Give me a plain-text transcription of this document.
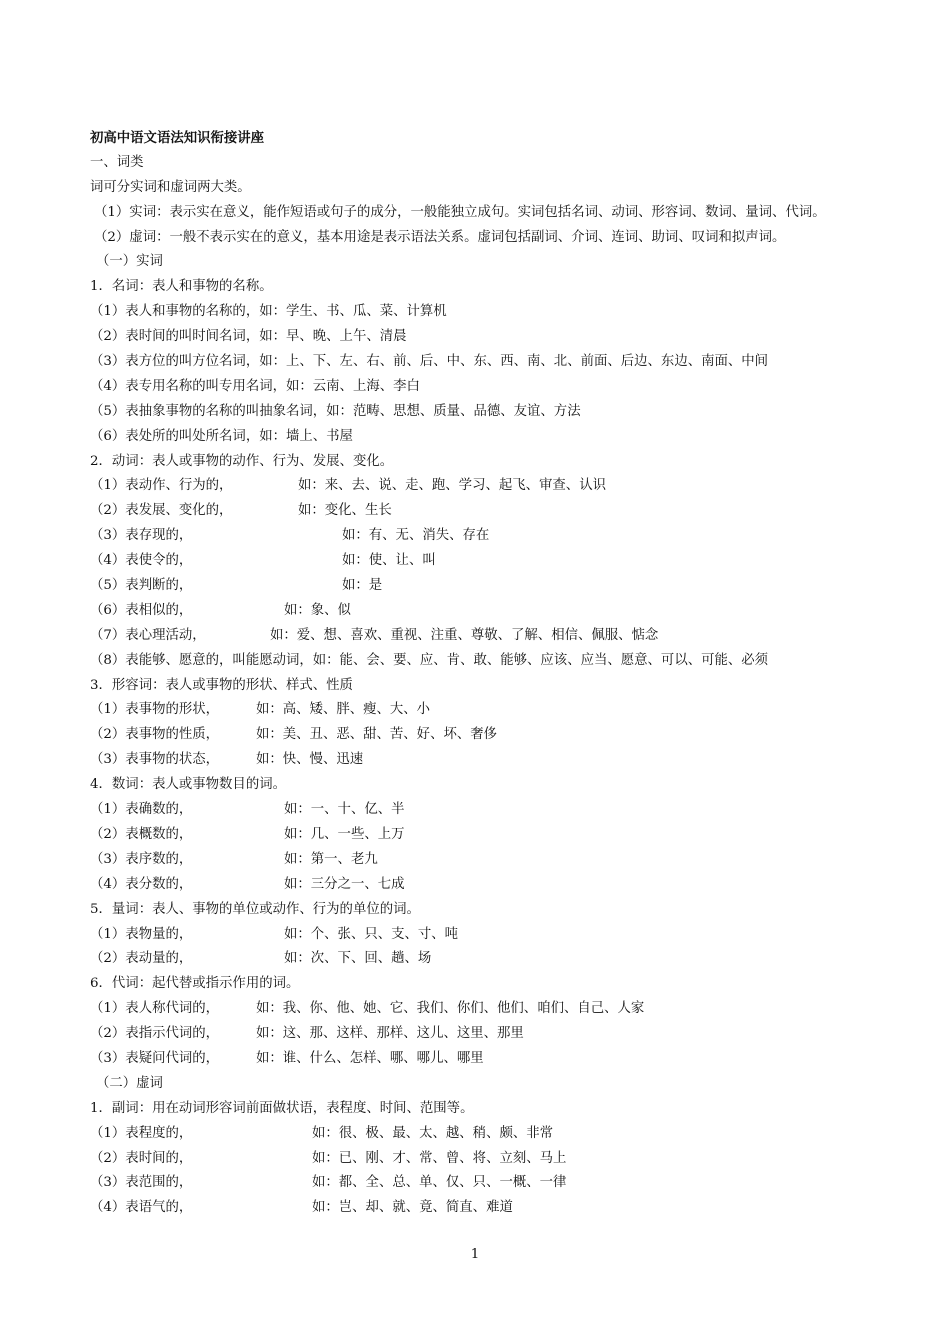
初高中语文语法知识衔接讲座
一、词类
词可分实词和虚词两大类。
（1）实词：表示实在意义，能作短语或句子的成分，一般能独立成句。实词包括名词、动词、形容词、数词、量词、代词。
（2）虚词：一般不表示实在的意义，基本用途是表示语法关系。虚词包括副词、介词、连词、助词、叹词和拟声词。
（一）实词
1．名词：表人和事物的名称。
（1）表人和事物的名称的，如：学生、书、瓜、菜、计算机
（2）表时间的叫时间名词，如：早、晚、上午、清晨
（3）表方位的叫方位名词，如：上、下、左、右、前、后、中、东、西、南、北、前面、后边、东边、南面、中间
（4）表专用名称的叫专用名词，如：云南、上海、李白
（5）表抽象事物的名称的叫抽象名词，如：范畴、思想、质量、品德、友谊、方法
（6）表处所的叫处所名词，如：墙上、书屋
2．动词：表人或事物的动作、行为、发展、变化。
（1）表动作、行为的，	如：来、去、说、走、跑、学习、起飞、审查、认识
（2）表发展、变化的，	如：变化、生长
（3）表存现的，	如：有、无、消失、存在
（4）表使令的，	如：使、让、叫
（5）表判断的，	如：是
（6）表相似的，	如：象、似
（7）表心理活动，	如：爱、想、喜欢、重视、注重、尊敬、了解、相信、佩服、惦念
（8）表能够、愿意的，叫能愿动词，如：能、会、要、应、肯、敢、能够、应该、应当、愿意、可以、可能、必须
3．形容词：表人或事物的形状、样式、性质
（1）表事物的形状，	如：高、矮、胖、瘦、大、小
（2）表事物的性质，	如：美、丑、恶、甜、苦、好、坏、奢侈
（3）表事物的状态，	如：快、慢、迅速
4．数词：表人或事物数目的词。
（1）表确数的，	如：一、十、亿、半
（2）表概数的，	如：几、一些、上万
（3）表序数的，	如：第一、老九
（4）表分数的，	如：三分之一、七成
5．量词：表人、事物的单位或动作、行为的单位的词。
（1）表物量的，	如：个、张、只、支、寸、吨
（2）表动量的，	如：次、下、回、趟、场
6．代词：起代替或指示作用的词。
（1）表人称代词的，	如：我、你、他、她、它、我们、你们、他们、咱们、自己、人家
（2）表指示代词的，	如：这、那、这样、那样、这儿、这里、那里
（3）表疑问代词的，	如：谁、什么、怎样、哪、哪儿、哪里
（二）虚词
1．副词：用在动词形容词前面做状语，表程度、时间、范围等。
（1）表程度的，	如：很、极、最、太、越、稍、颇、非常
（2）表时间的，	如：已、刚、才、常、曾、将、立刻、马上
（3）表范围的，	如：都、全、总、单、仅、只、一概、一律
（4）表语气的，	如：岂、却、就、竟、简直、难道
1
